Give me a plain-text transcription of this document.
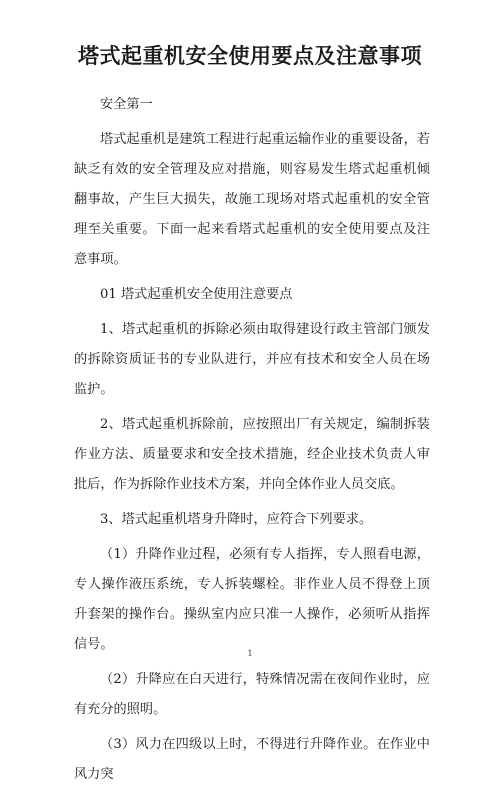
塔式起重机安全使用要点及注意事项

安全第一

塔式起重机是建筑工程进行起重运输作业的重要设备，若缺乏有效的安全管理及应对措施，则容易发生塔式起重机倾翻事故，产生巨大损失，故施工现场对塔式起重机的安全管理至关重要。下面一起来看塔式起重机的安全使用要点及注意事项。

01 塔式起重机安全使用注意要点

1、塔式起重机的拆除必须由取得建设行政主管部门颁发的拆除资质证书的专业队进行，并应有技术和安全人员在场监护。

2、塔式起重机拆除前，应按照出厂有关规定，编制拆装作业方法、质量要求和安全技术措施，经企业技术负责人审批后，作为拆除作业技术方案，并向全体作业人员交底。

3、塔式起重机塔身升降时，应符合下列要求。

（1）升降作业过程，必须有专人指挥，专人照看电源，专人操作液压系统，专人拆装螺栓。非作业人员不得登上顶升套架的操作台。操纵室内应只准一人操作，必须听从指挥信号。

（2）升降应在白天进行，特殊情况需在夜间作业时，应有充分的照明。

（3）风力在四级以上时，不得进行升降作业。在作业中风力突

1
